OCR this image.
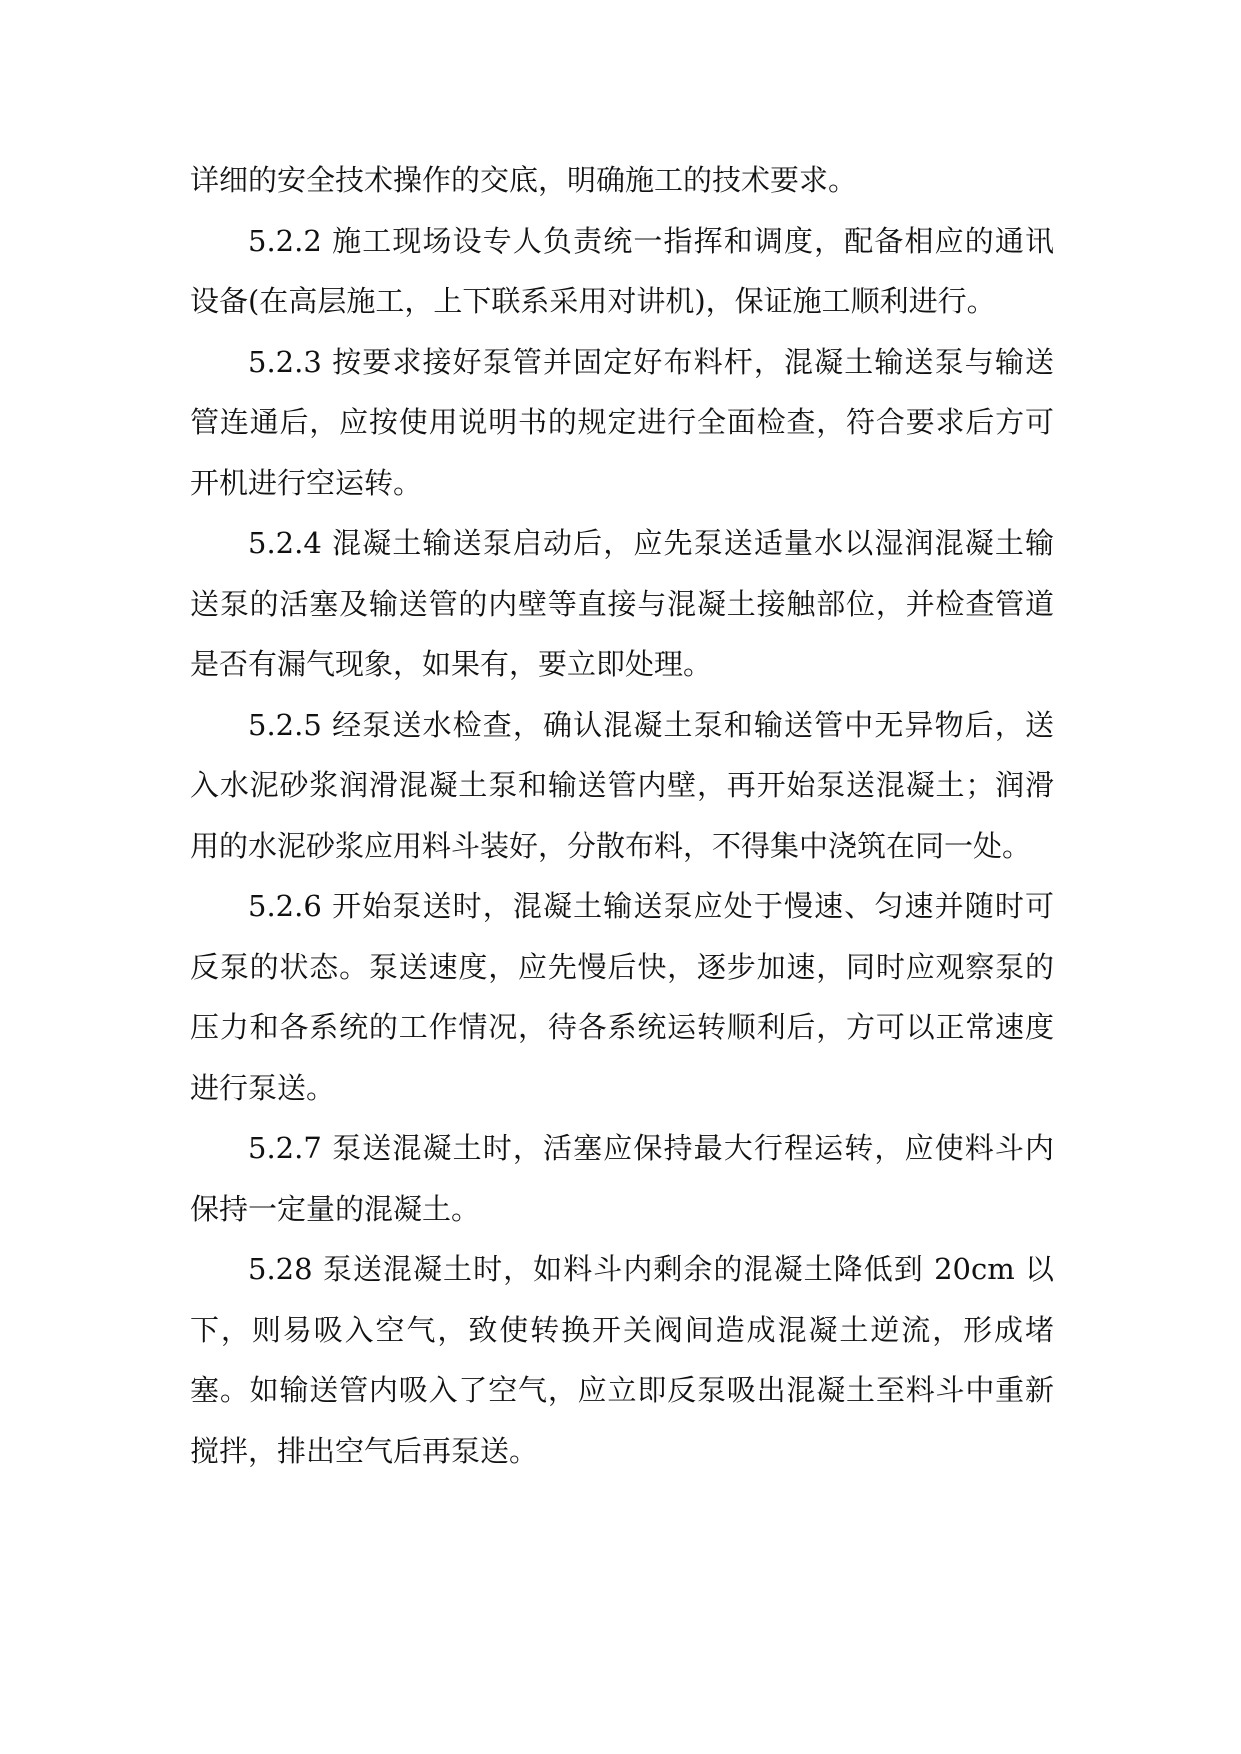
详细的安全技术操作的交底，明确施工的技术要求。

5.2.2 施工现场设专人负责统一指挥和调度，配备相应的通讯设备(在高层施工，上下联系采用对讲机)，保证施工顺利进行。

5.2.3 按要求接好泵管并固定好布料杆，混凝土输送泵与输送管连通后，应按使用说明书的规定进行全面检查，符合要求后方可开机进行空运转。

5.2.4 混凝土输送泵启动后，应先泵送适量水以湿润混凝土输送泵的活塞及输送管的内壁等直接与混凝土接触部位，并检查管道是否有漏气现象，如果有，要立即处理。

5.2.5 经泵送水检查，确认混凝土泵和输送管中无异物后，送入水泥砂浆润滑混凝土泵和输送管内壁，再开始泵送混凝土；润滑用的水泥砂浆应用料斗装好，分散布料，不得集中浇筑在同一处。

5.2.6 开始泵送时，混凝土输送泵应处于慢速、匀速并随时可反泵的状态。泵送速度，应先慢后快，逐步加速，同时应观察泵的压力和各系统的工作情况，待各系统运转顺利后，方可以正常速度进行泵送。

5.2.7 泵送混凝土时，活塞应保持最大行程运转，应使料斗内保持一定量的混凝土。

5.28 泵送混凝土时，如料斗内剩余的混凝土降低到 20cm 以下，则易吸入空气，致使转换开关阀间造成混凝土逆流，形成堵塞。如输送管内吸入了空气，应立即反泵吸出混凝土至料斗中重新搅拌，排出空气后再泵送。
